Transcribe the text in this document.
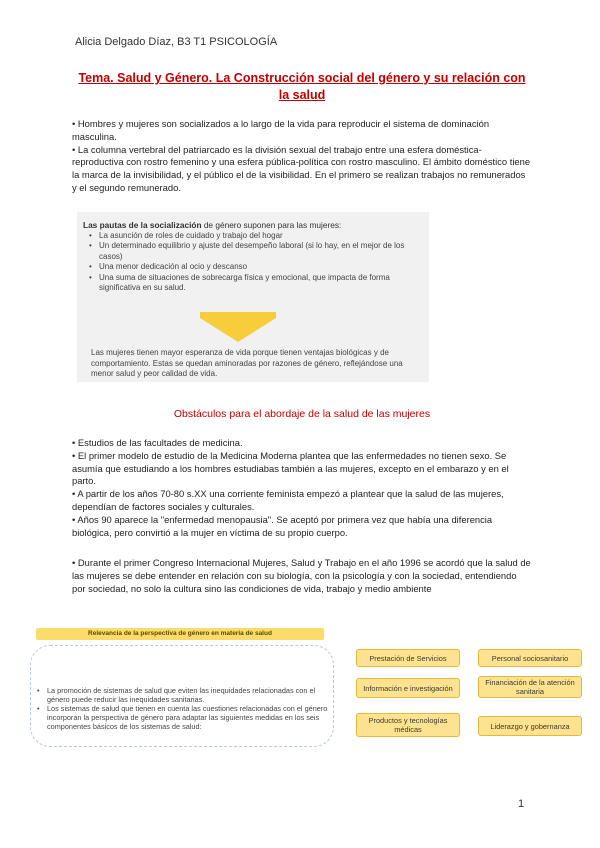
Alicia Delgado Díaz, B3 T1 PSICOLOGÍA
Tema. Salud y Género. La Construcción social del género y su relación con la salud

• Hombres y mujeres son socializados a lo largo de la vida para reproducir el sistema de dominación masculina.

• La columna vertebral del patriarcado es la división sexual del trabajo entre una esfera doméstica-reproductiva con rostro femenino y una esfera pública-política con rostro masculino. El ámbito doméstico tiene la marca de la invisibilidad, y el público el de la visibilidad. En el primero se realizan trabajos no remunerados y el segundo remunerado.

Las pautas de la socialización de género suponen para las mujeres:
• La asunción de roles de cuidado y trabajo del hogar
• Un determinado equilibrio y ajuste del desempeño laboral (si lo hay, en el mejor de los casos)
• Una menor dedicación al ocio y descanso
• Una suma de situaciones de sobrecarga física y emocional, que impacta de forma significativa en su salud.
Las mujeres tienen mayor esperanza de vida porque tienen ventajas biológicas y de comportamiento. Estas se quedan aminoradas por razones de género, reflejándose una menor salud y peor calidad de vida.
Obstáculos para el abordaje de la salud de las mujeres

• Estudios de las facultades de medicina.

• El primer modelo de estudio de la Medicina Moderna plantea que las enfermedades no tienen sexo. Se asumía que estudiando a los hombres estudiabas también a las mujeres, excepto en el embarazo y en el parto.

• A partir de los años 70-80 s.XX una corriente feminista empezó a plantear que la salud de las mujeres, dependían de factores sociales y culturales.

• Años 90 aparece la "enfermedad menopausia". Se aceptó por primera vez que había una diferencia biológica, pero convirtió a la mujer en víctima de su propio cuerpo.

• Durante el primer Congreso Internacional Mujeres, Salud y Trabajo en el año 1996 se acordó que la salud de las mujeres se debe entender en relación con su biología, con la psicología y con la sociedad, entendiendo por sociedad, no solo la cultura sino las condiciones de vida, trabajo y medio ambiente
Relevancia de la perspectiva de género en materia de salud
• La promoción de sistemas de salud que eviten las inequidades relacionadas con el género puede reducir las inequidades sanitarias.
• Los sistemas de salud que tienen en cuenta las cuestiones relacionadas con el género incorporan la perspectiva de género para adaptar las siguientes medidas en los seis componentes básicos de los sistemas de salud:
Prestación de Servicios	Personal sociosanitario
Información e investigación
Financiación de la atención sanitaria
Productos y tecnologías médicas	Liderazgo y gobernanza
1
